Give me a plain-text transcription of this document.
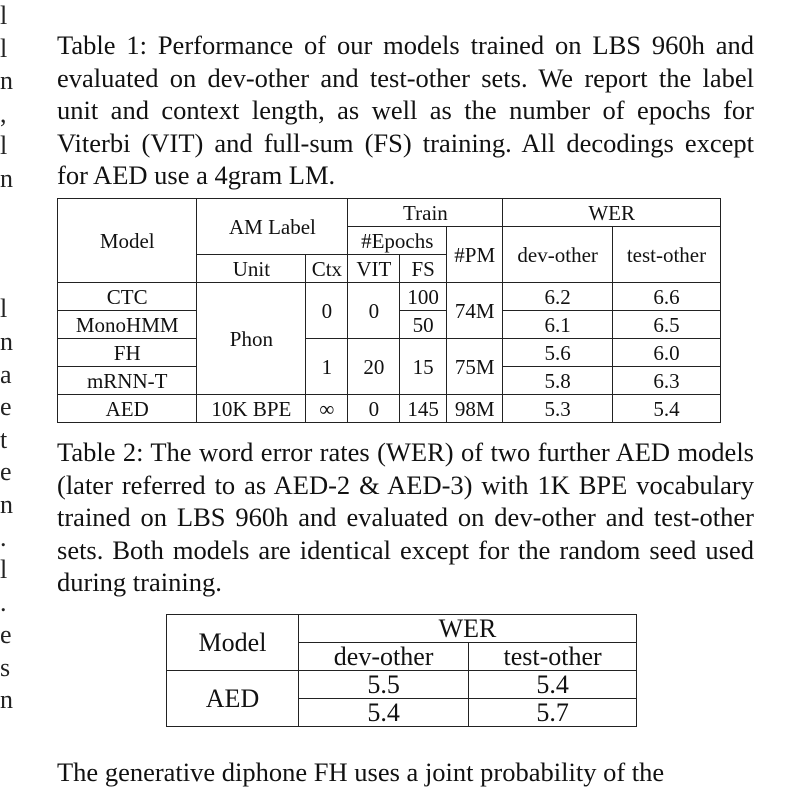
l
l
n
,
l
n
l
n
a
e
t
e
n
.
l
.
e
s
n
Table 1: Performance of our models trained on LBS 960h and evaluated on dev-other and test-other sets. We report the label unit and context length, as well as the number of epochs for Viterbi (VIT) and full-sum (FS) training. All decodings except for AED use a 4gram LM.
Model	AM Label		Train			WER	
			#Epochs		#PM	dev-other	test-other
	Unit	Ctx	VIT	FS			
CTC	Phon	0	0	100	74M	6.2	6.6
MonoHMM				50		6.1	6.5
FH		1	20	15	75M	5.6	6.0
mRNN-T						5.8	6.3
AED	10K BPE	∞	0	145	98M	5.3	5.4
Table 2: The word error rates (WER) of two further AED models (later referred to as AED-2 & AED-3) with 1K BPE vocabulary trained on LBS 960h and evaluated on dev-other and test-other sets. Both models are identical except for the random seed used during training.
Model	WER	
	dev-other	test-other
AED	5.5	5.4
	5.4	5.7
The generative diphone FH uses a joint probability of the
